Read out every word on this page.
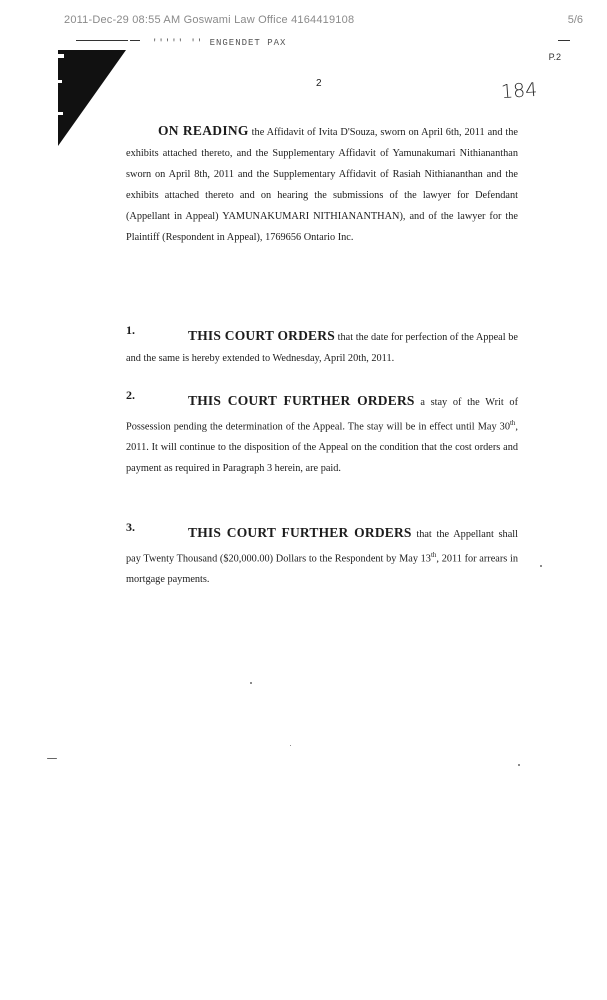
2011-Dec-29 08:55 AM Goswami Law Office 4164419108	5/6
''''' '' ENGENDET PAX
P.2
2	184
ON READING the Affidavit of Ivita D'Souza, sworn on April 6th, 2011 and the exhibits attached thereto, and the Supplementary Affidavit of Yamunakumari Nithiananthan sworn on April 8th, 2011 and the Supplementary Affidavit of Rasiah Nithiananthan and the exhibits attached thereto and on hearing the submissions of the lawyer for Defendant (Appellant in Appeal) YAMUNAKUMARI NITHIANANTHAN), and of the lawyer for the Plaintiff (Respondent in Appeal), 1769656 Ontario Inc.
1.	THIS COURT ORDERS that the date for perfection of the Appeal be and the same is hereby extended to Wednesday, April 20th, 2011.
2.	THIS COURT FURTHER ORDERS a stay of the Writ of Possession pending the determination of the Appeal. The stay will be in effect until May 30th, 2011. It will continue to the disposition of the Appeal on the condition that the cost orders and payment as required in Paragraph 3 herein, are paid.
3.	THIS COURT FURTHER ORDERS that the Appellant shall pay Twenty Thousand ($20,000.00) Dollars to the Respondent by May 13th, 2011 for arrears in mortgage payments.
